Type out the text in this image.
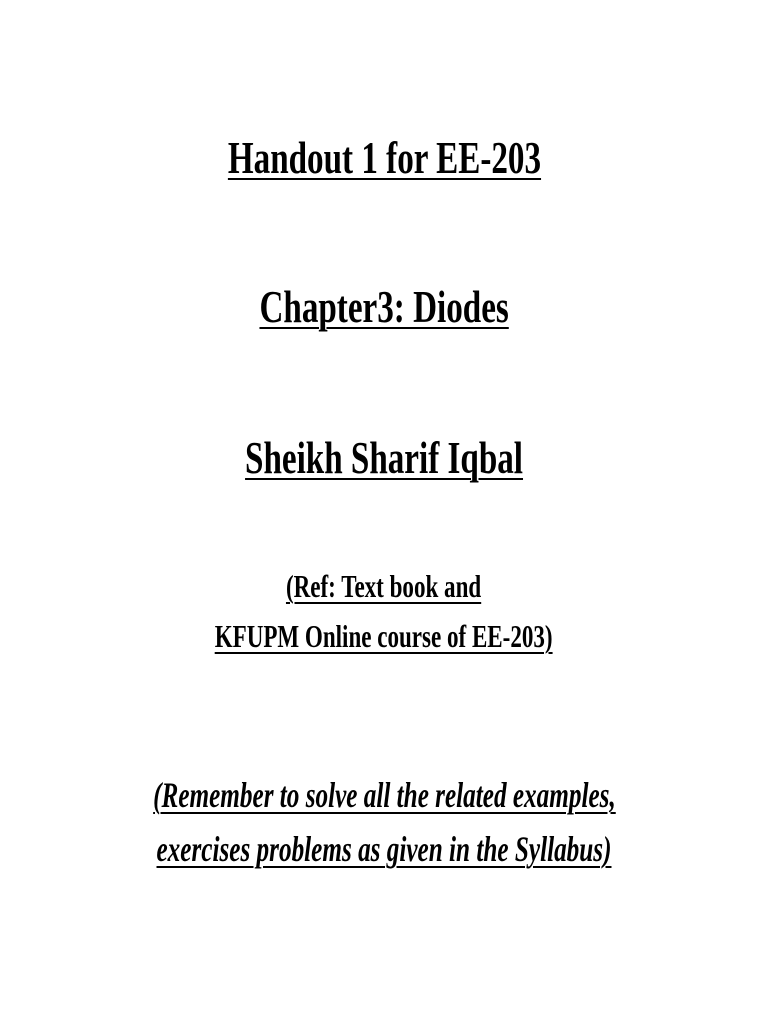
Handout 1 for EE-203
Chapter3: Diodes
Sheikh Sharif Iqbal
(Ref: Text book and
KFUPM Online course of EE-203)
(Remember to solve all the related examples,
exercises problems as given in the Syllabus)
